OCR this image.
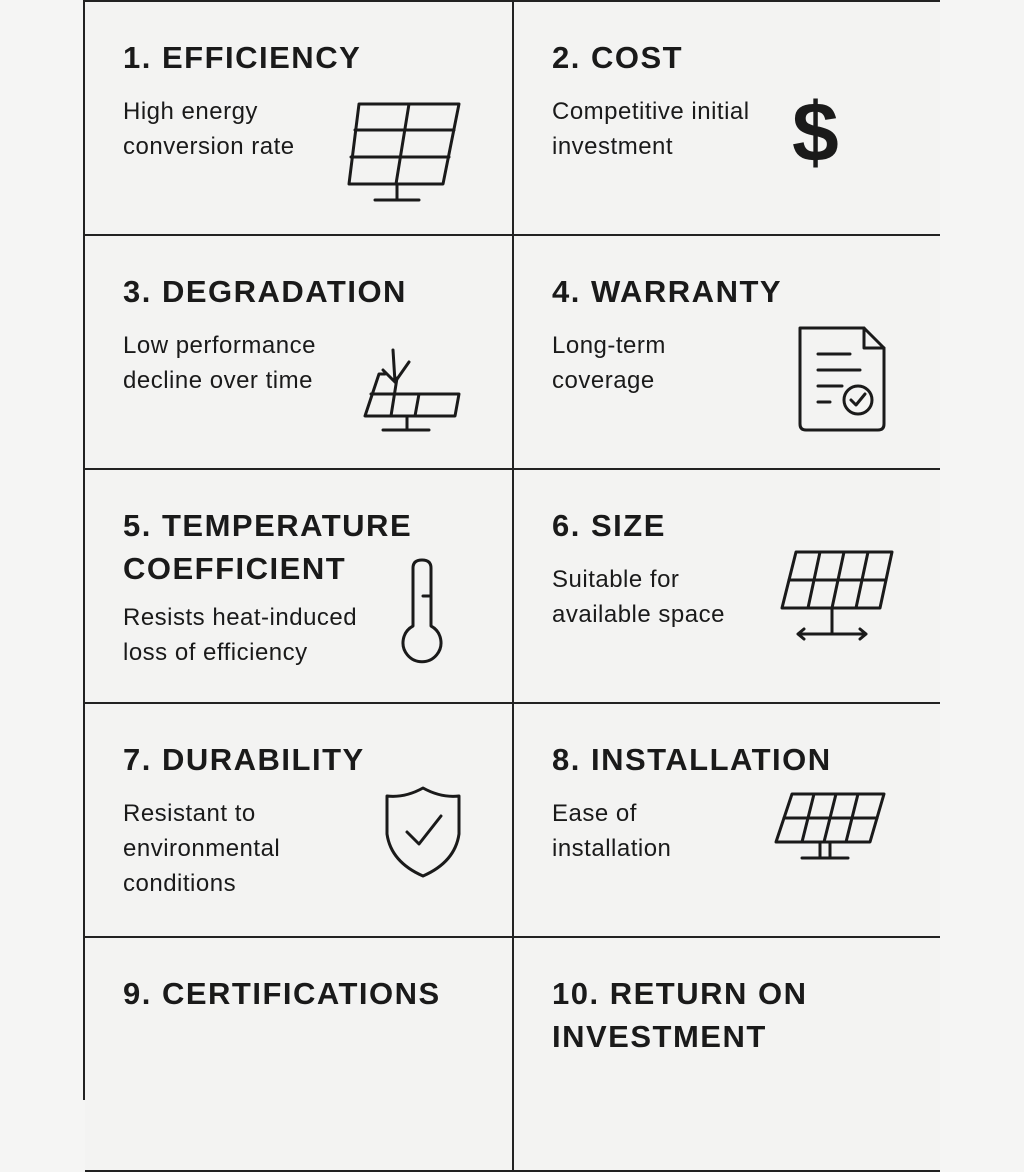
1. EFFICIENCY
High energy conversion rate
2. COST
Competitive initial investment	$
3. DEGRADATION
Low performance decline over time
4. WARRANTY
Long-term coverage
5. TEMPERATURE COEFFICIENT
Resists heat-induced loss of efficiency
6. SIZE
Suitable for available space
7. DURABILITY
Resistant to environmental conditions
8. INSTALLATION
Ease of installation
9. CERTIFICATIONS	10. RETURN ON INVESTMENT
